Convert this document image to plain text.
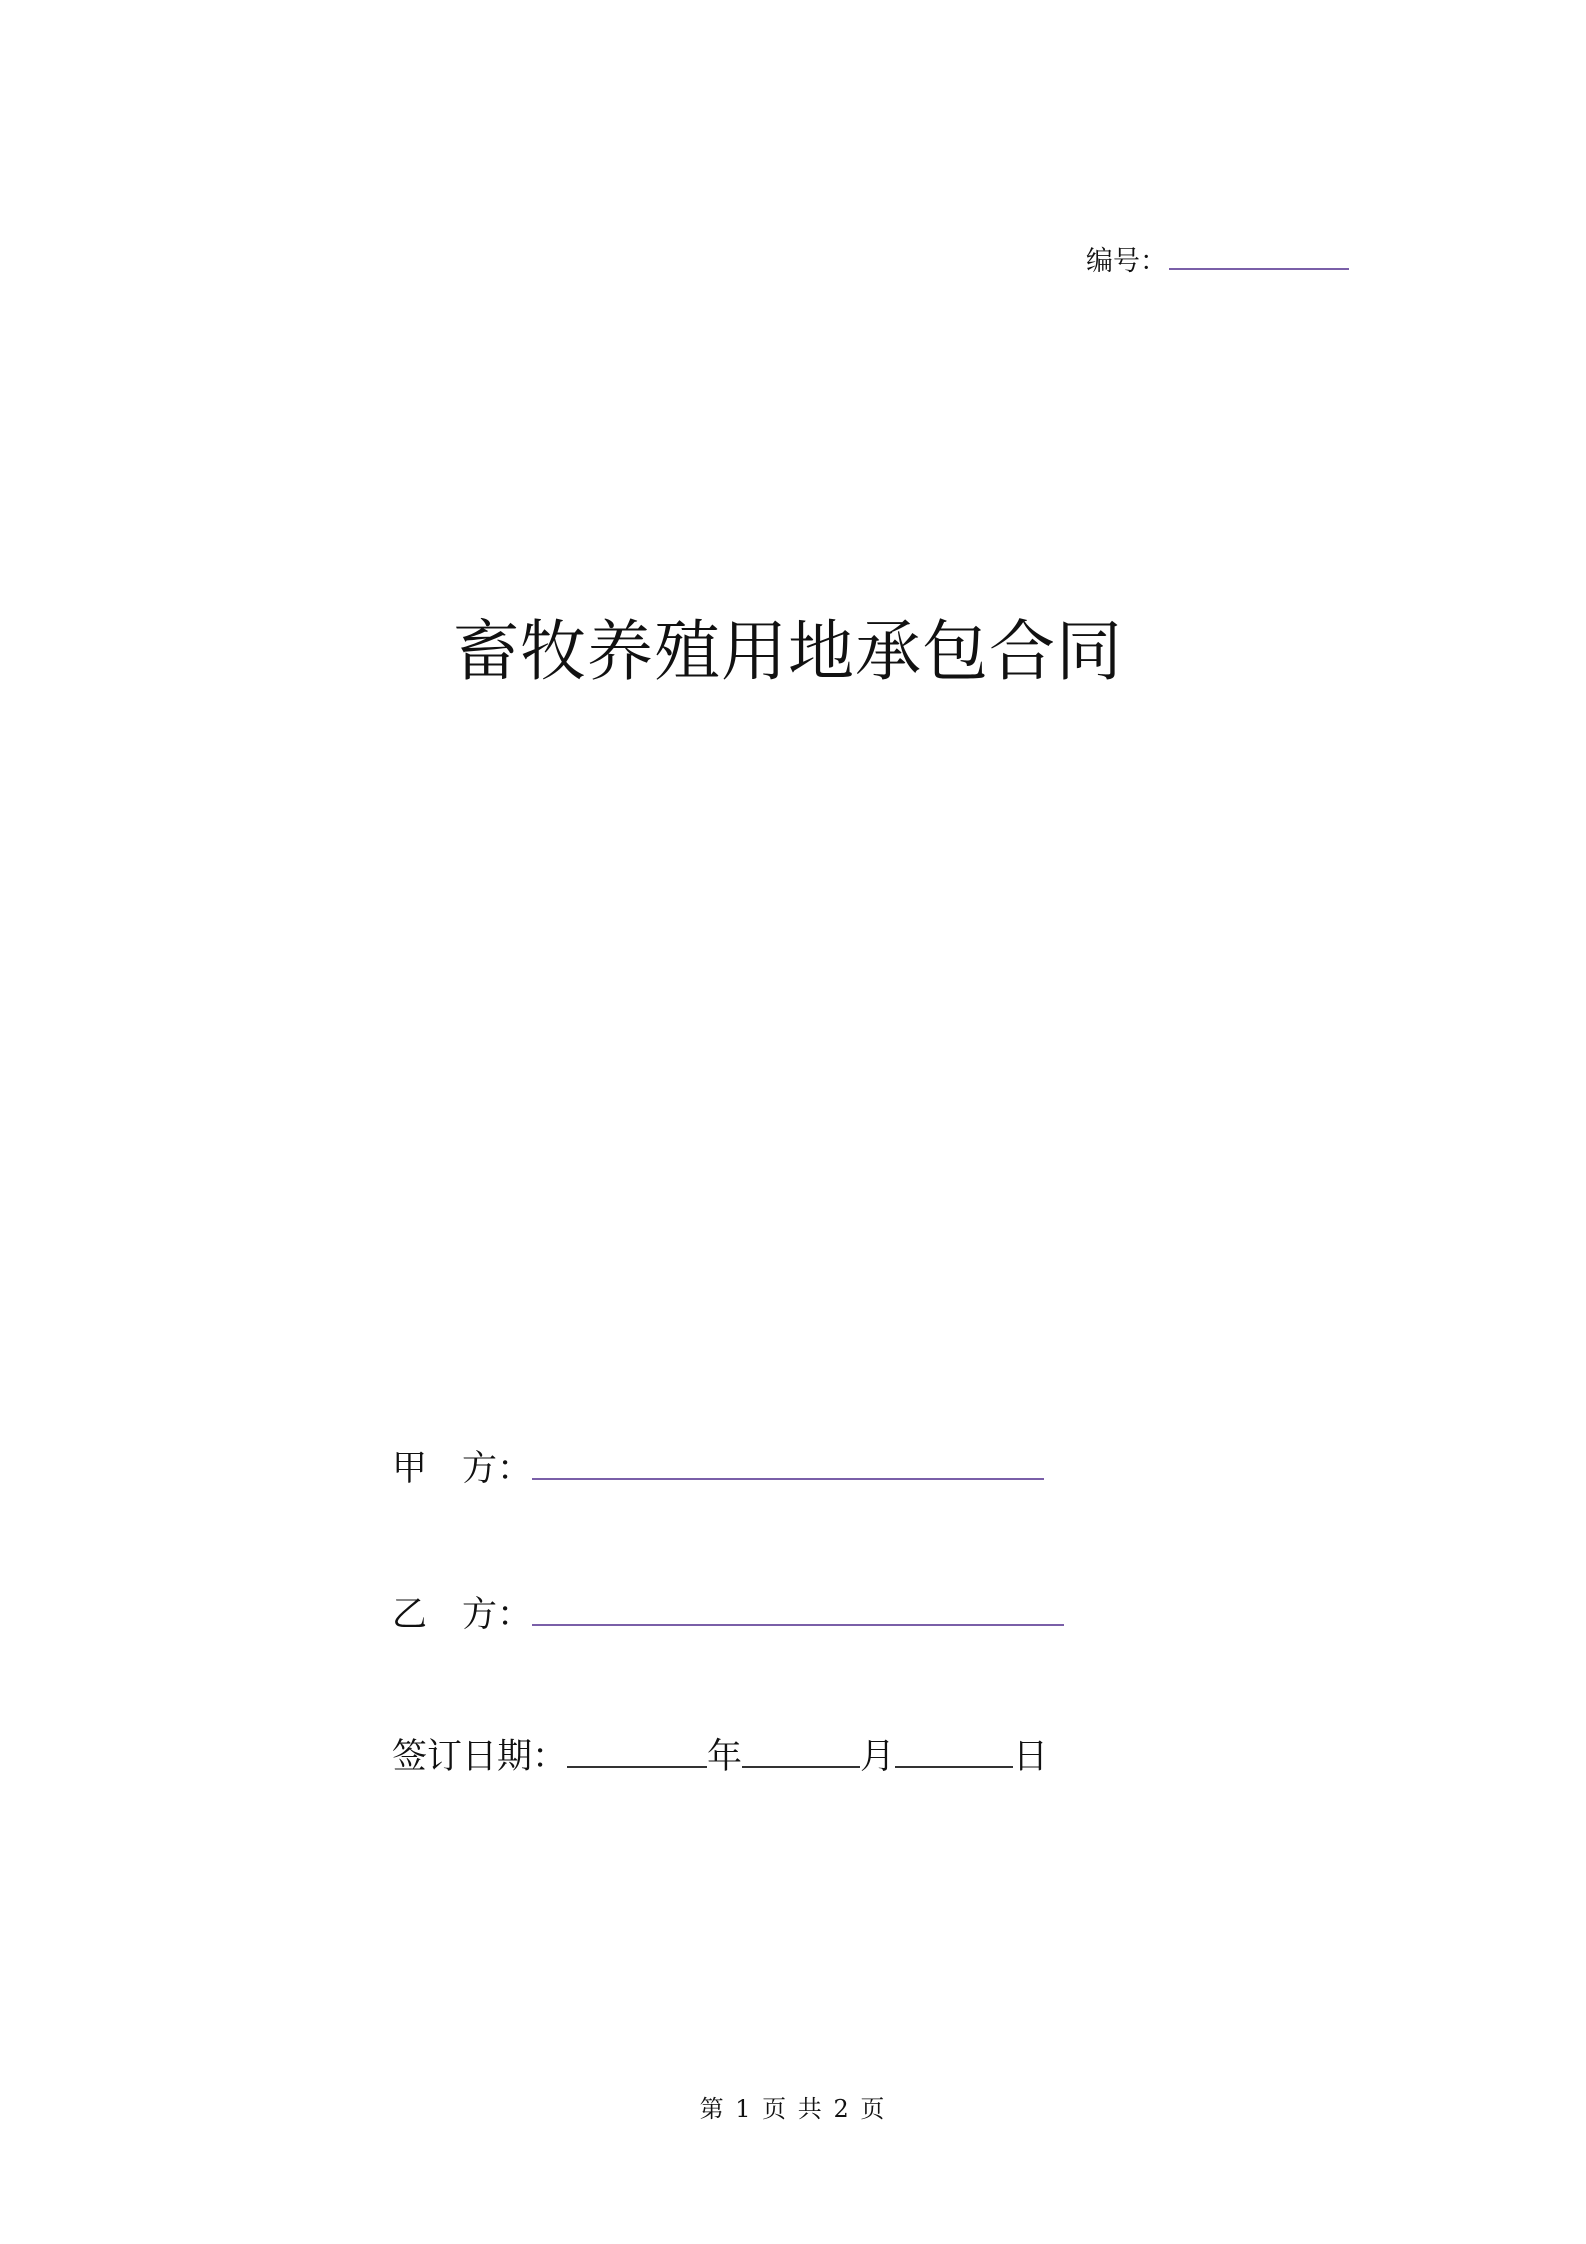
编号：
畜牧养殖用地承包合同
甲　方：
乙　方：
签订日期：	年	月	日
第 1 页 共 2 页
